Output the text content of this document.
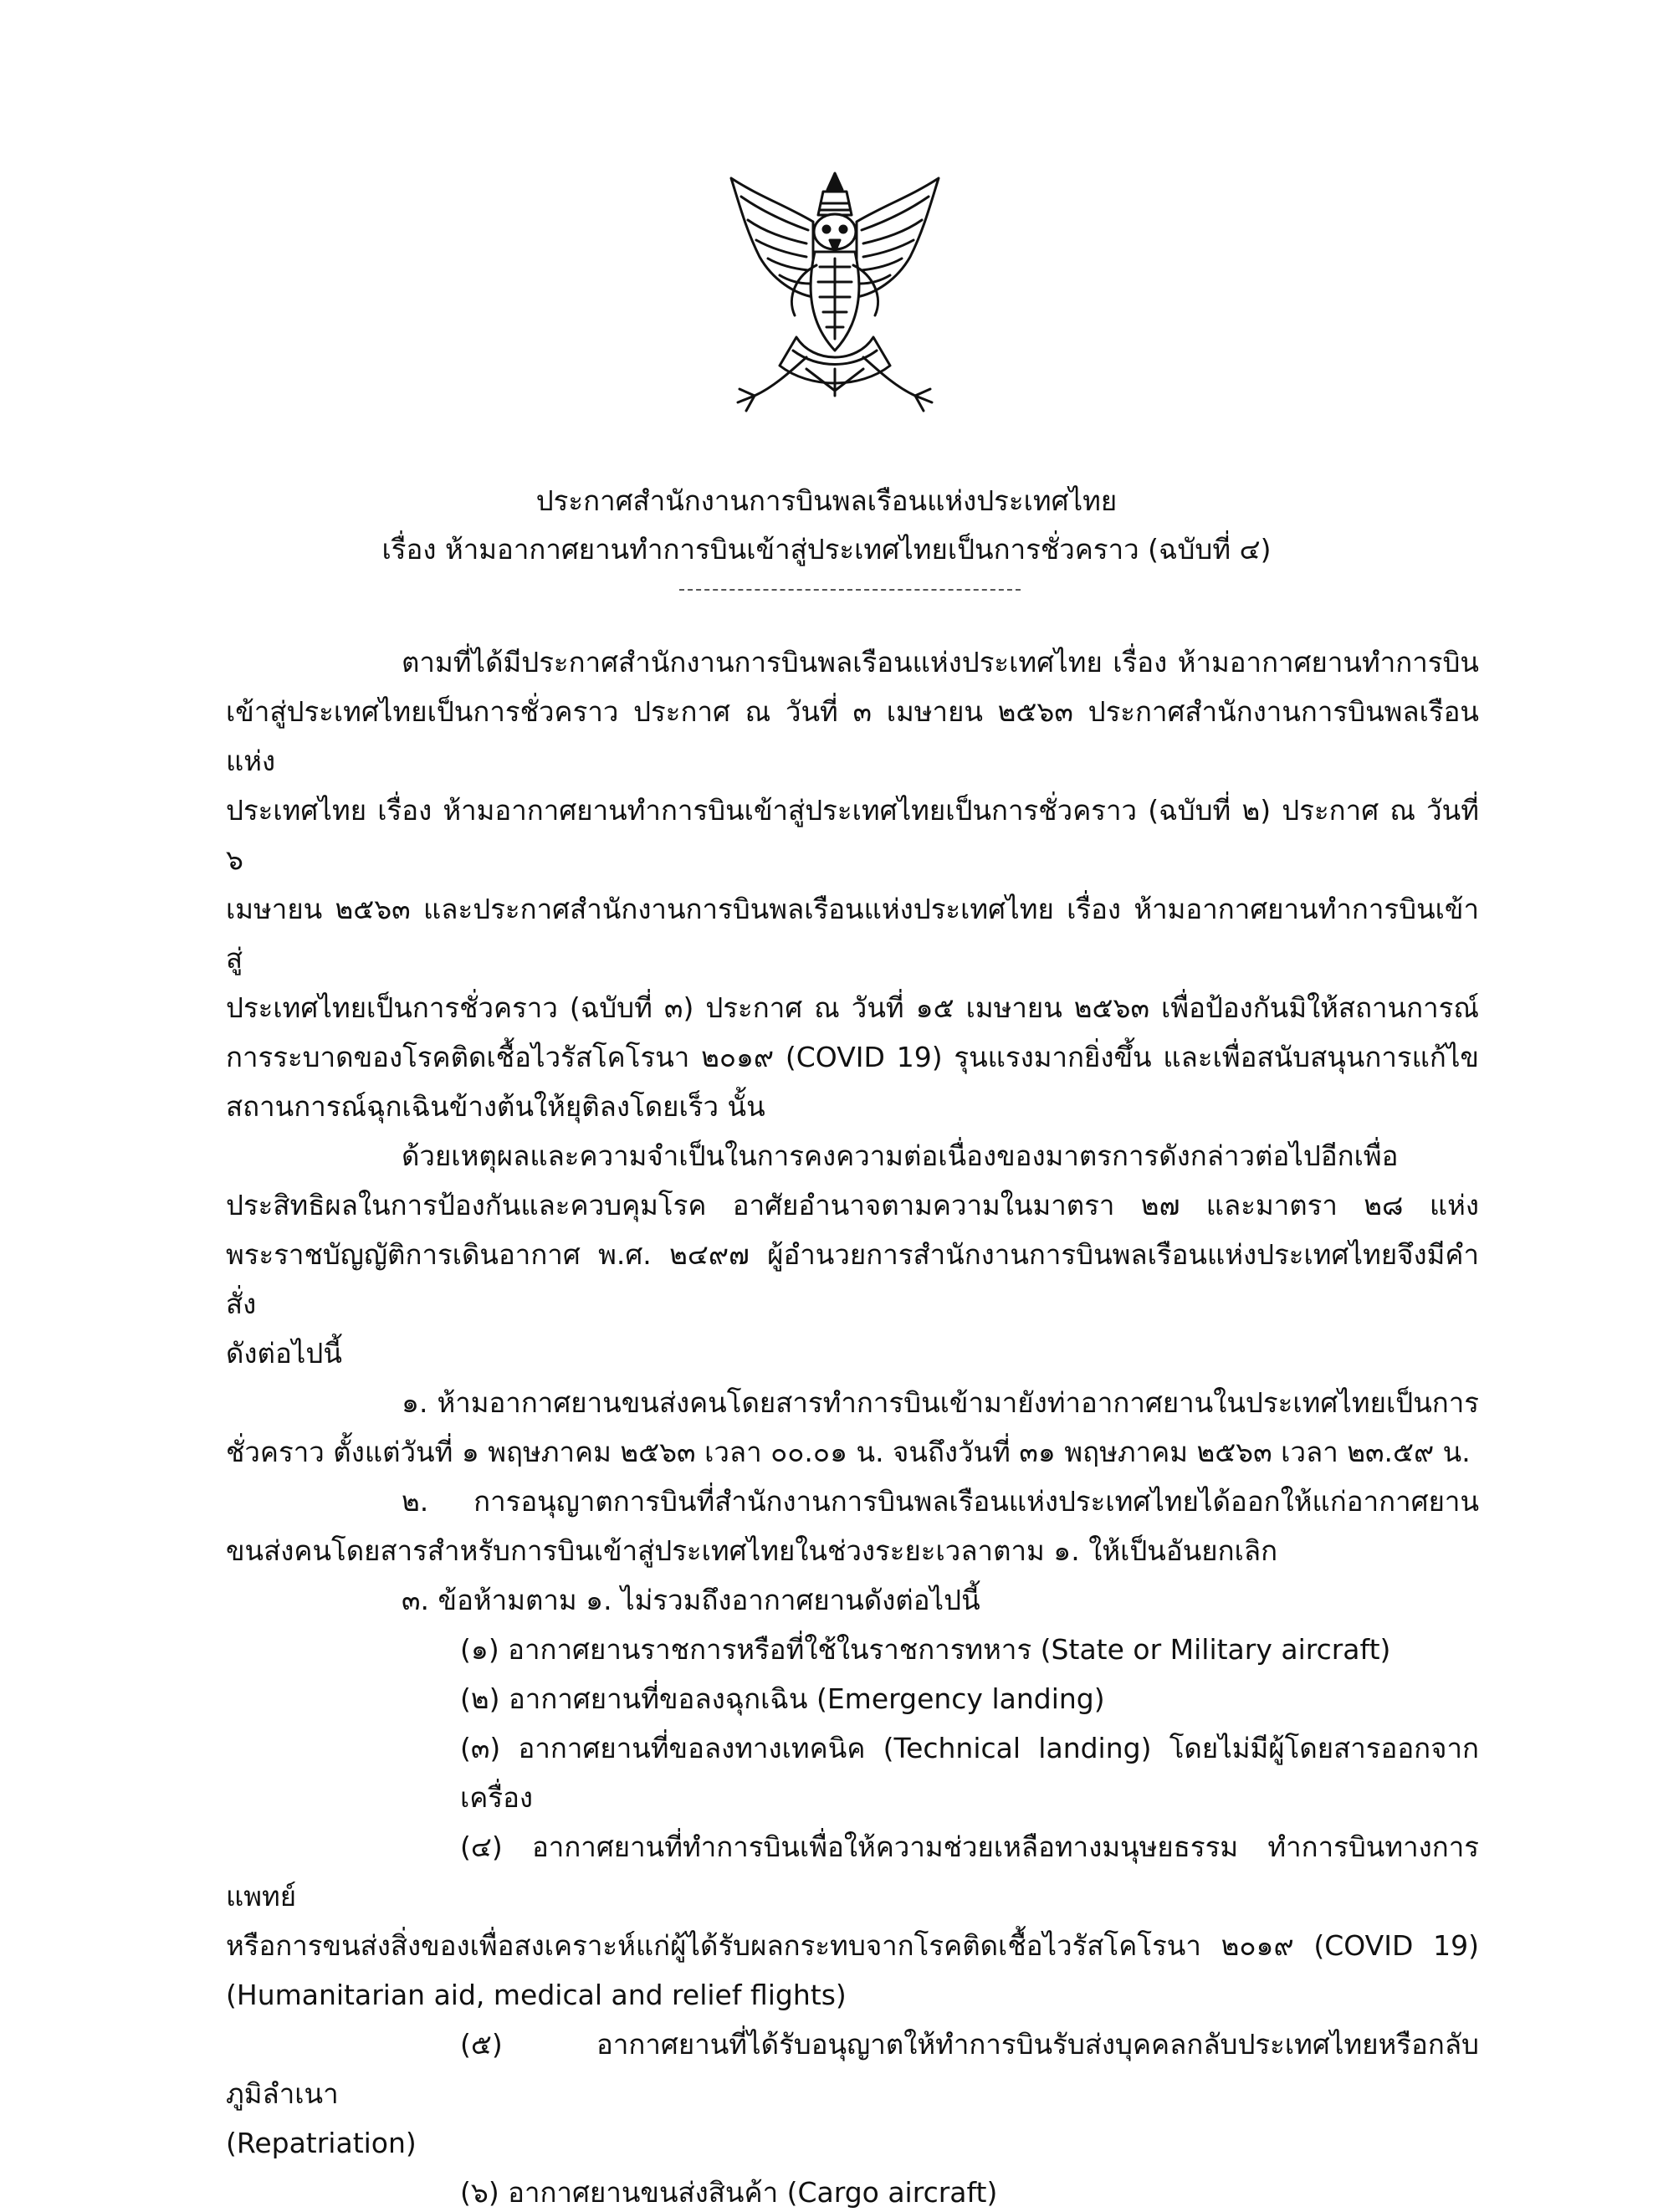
ประกาศสำนักงานการบินพลเรือนแห่งประเทศไทย
เรื่อง ห้ามอากาศยานทำการบินเข้าสู่ประเทศไทยเป็นการชั่วคราว (ฉบับที่ ๔)

ตามที่ได้มีประกาศสำนักงานการบินพลเรือนแห่งประเทศไทย เรื่อง ห้ามอากาศยานทำการบิน

เข้าสู่ประเทศไทยเป็นการชั่วคราว ประกาศ ณ วันที่ ๓ เมษายน ๒๕๖๓ ประกาศสำนักงานการบินพลเรือนแห่ง

ประเทศไทย เรื่อง ห้ามอากาศยานทำการบินเข้าสู่ประเทศไทยเป็นการชั่วคราว (ฉบับที่ ๒) ประกาศ ณ วันที่ ๖

เมษายน ๒๕๖๓ และประกาศสำนักงานการบินพลเรือนแห่งประเทศไทย เรื่อง ห้ามอากาศยานทำการบินเข้าสู่

ประเทศไทยเป็นการชั่วคราว (ฉบับที่ ๓) ประกาศ ณ วันที่ ๑๕ เมษายน ๒๕๖๓ เพื่อป้องกันมิให้สถานการณ์

การระบาดของโรคติดเชื้อไวรัสโคโรนา ๒๐๑๙ (COVID 19) รุนแรงมากยิ่งขึ้น และเพื่อสนับสนุนการแก้ไข

สถานการณ์ฉุกเฉินข้างต้นให้ยุติลงโดยเร็ว นั้น

ด้วยเหตุผลและความจำเป็นในการคงความต่อเนื่องของมาตรการดังกล่าวต่อไปอีกเพื่อ

ประสิทธิผลในการป้องกันและควบคุมโรค อาศัยอำนาจตามความในมาตรา ๒๗ และมาตรา ๒๘ แห่ง

พระราชบัญญัติการเดินอากาศ พ.ศ. ๒๔๙๗ ผู้อำนวยการสำนักงานการบินพลเรือนแห่งประเทศไทยจึงมีคำสั่ง

ดังต่อไปนี้

๑. ห้ามอากาศยานขนส่งคนโดยสารทำการบินเข้ามายังท่าอากาศยานในประเทศไทยเป็นการ

ชั่วคราว ตั้งแต่วันที่ ๑ พฤษภาคม ๒๕๖๓ เวลา ๐๐.๐๑ น. จนถึงวันที่ ๓๑ พฤษภาคม ๒๕๖๓ เวลา ๒๓.๕๙ น.

๒. การอนุญาตการบินที่สำนักงานการบินพลเรือนแห่งประเทศไทยได้ออกให้แก่อากาศยาน

ขนส่งคนโดยสารสำหรับการบินเข้าสู่ประเทศไทยในช่วงระยะเวลาตาม ๑. ให้เป็นอันยกเลิก

๓. ข้อห้ามตาม ๑. ไม่รวมถึงอากาศยานดังต่อไปนี้

(๑) อากาศยานราชการหรือที่ใช้ในราชการทหาร (State or Military aircraft)

(๒) อากาศยานที่ขอลงฉุกเฉิน (Emergency landing)

(๓) อากาศยานที่ขอลงทางเทคนิค (Technical landing) โดยไม่มีผู้โดยสารออกจากเครื่อง

(๔) อากาศยานที่ทำการบินเพื่อให้ความช่วยเหลือทางมนุษยธรรม ทำการบินทางการแพทย์

หรือการขนส่งสิ่งของเพื่อสงเคราะห์แก่ผู้ได้รับผลกระทบจากโรคติดเชื้อไวรัสโคโรนา ๒๐๑๙ (COVID 19)

(Humanitarian aid, medical and relief flights)

(๕) อากาศยานที่ได้รับอนุญาตให้ทำการบินรับส่งบุคคลกลับประเทศไทยหรือกลับภูมิลำเนา

(Repatriation)

(๖) อากาศยานขนส่งสินค้า (Cargo aircraft)
